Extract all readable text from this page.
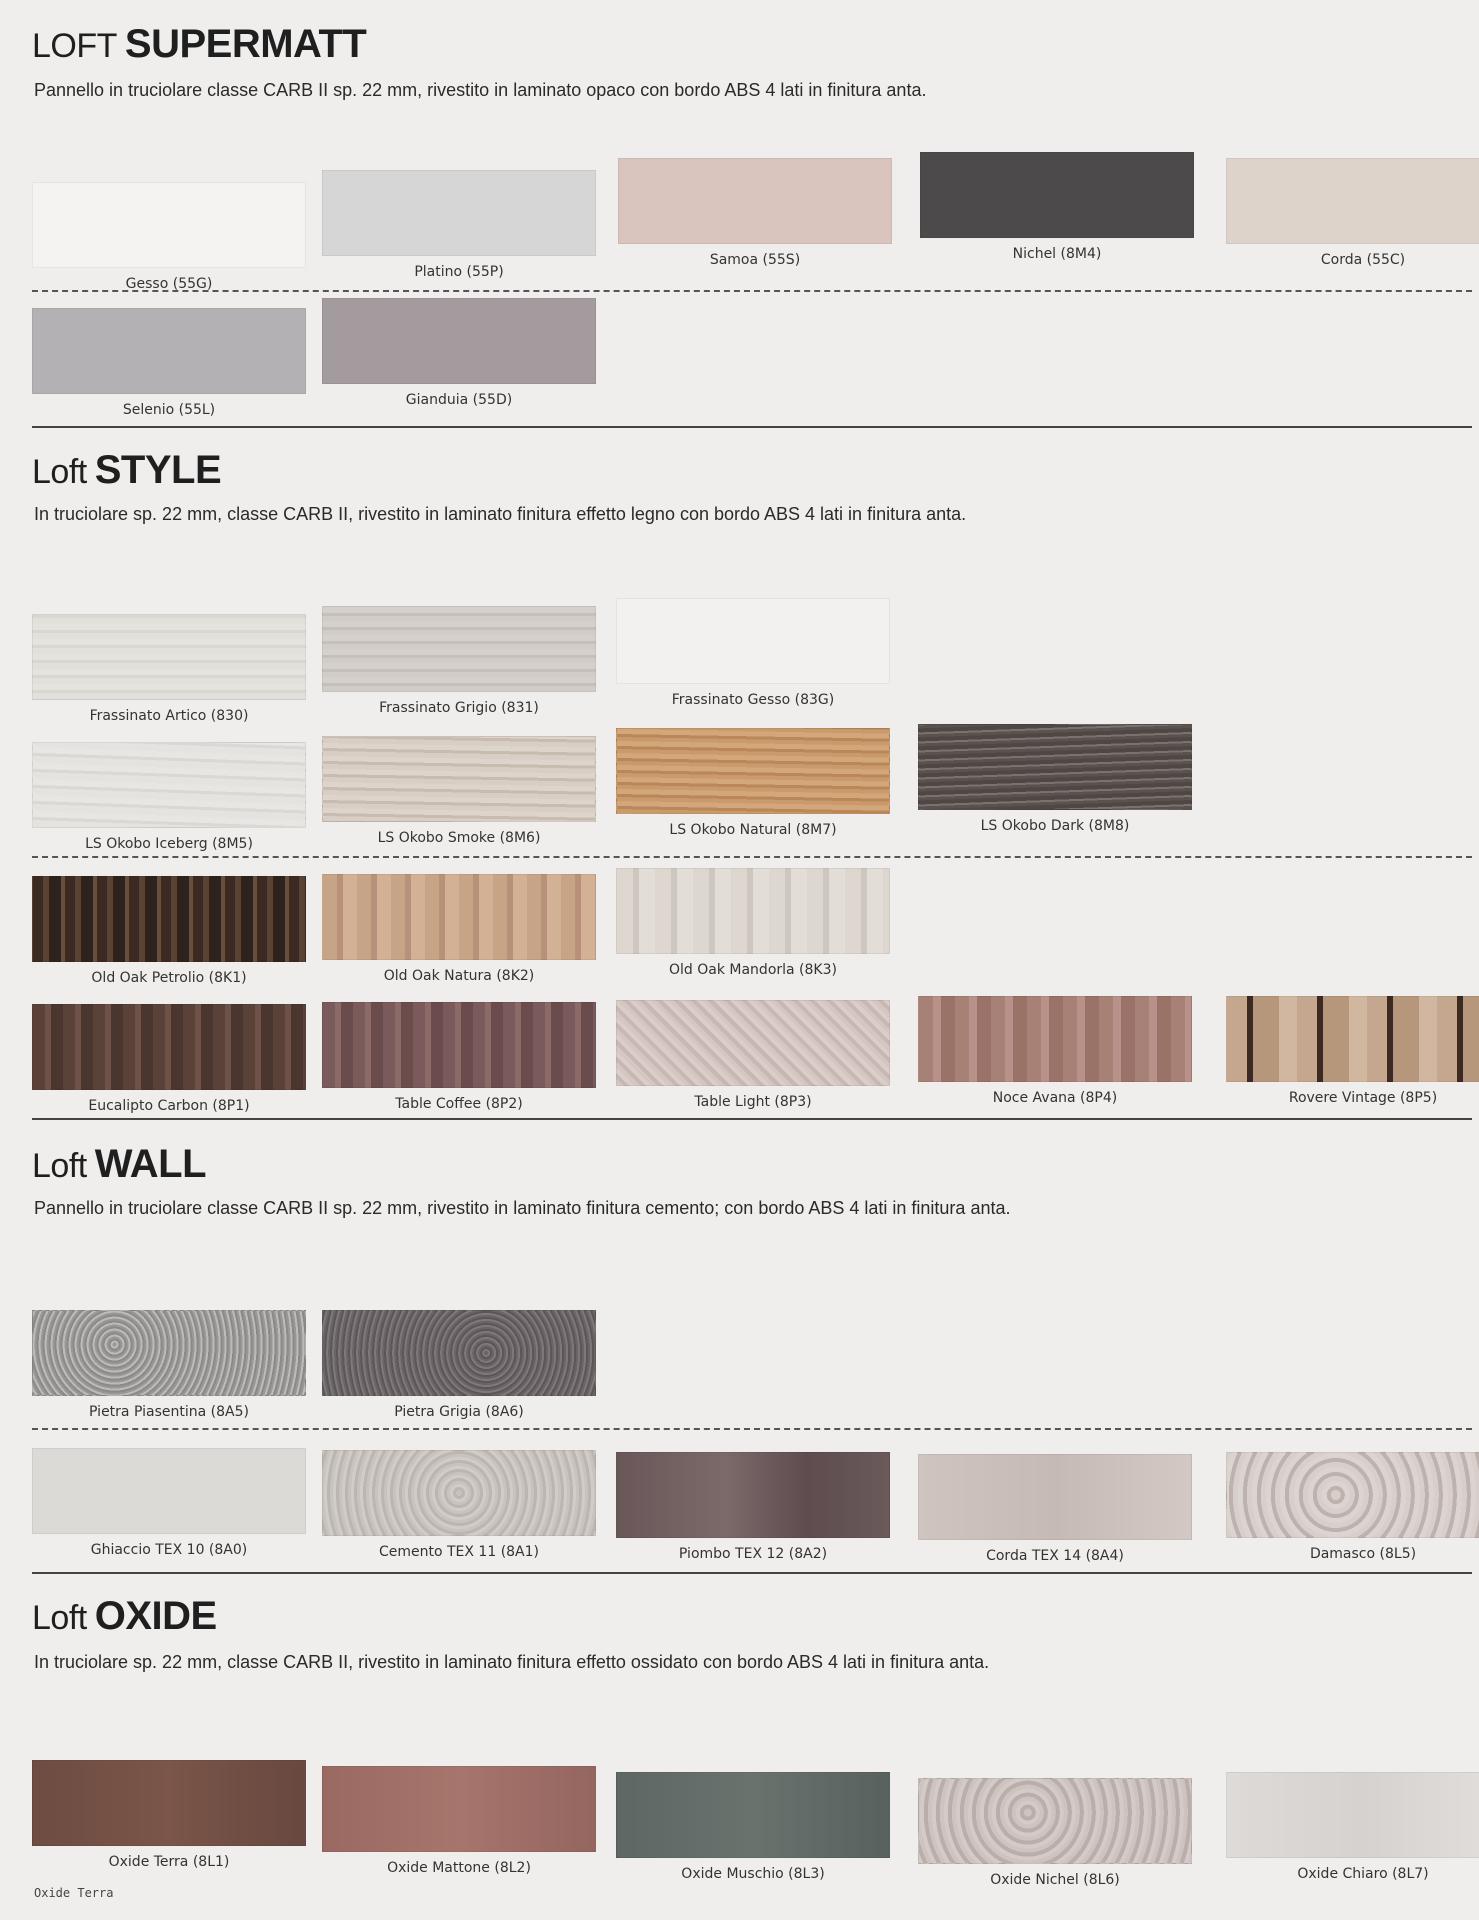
LOFT SUPERMATT
Pannello in truciolare classe CARB II sp. 22 mm, rivestito in laminato opaco con bordo ABS 4 lati in finitura anta.
Gesso (55G)
Platino (55P)
Samoa (55S)	Nichel (8M4)	Corda (55C)
Selenio (55L)
Gianduia (55D)
Loft STYLE
In truciolare sp. 22 mm, classe CARB II, rivestito in laminato finitura effetto legno con bordo ABS 4 lati in finitura anta.
Frassinato Artico (830)	Frassinato Grigio (831)	Frassinato Gesso (83G)
LS Okobo Iceberg (8M5)	LS Okobo Smoke (8M6)	LS Okobo Natural (8M7)	LS Okobo Dark (8M8)
Old Oak Petrolio (8K1)	Old Oak Natura (8K2)	Old Oak Mandorla (8K3)
Eucalipto Carbon (8P1)	Table Coffee (8P2)	Table Light (8P3)	Noce Avana (8P4)	Rovere Vintage (8P5)
Loft WALL
Pannello in truciolare classe CARB II sp. 22 mm, rivestito in laminato finitura cemento; con bordo ABS 4 lati in finitura anta.
Pietra Piasentina (8A5)	Pietra Grigia (8A6)
Ghiaccio TEX 10 (8A0)	Cemento TEX 11 (8A1)	Piombo TEX 12 (8A2)	Corda TEX 14 (8A4)	Damasco (8L5)
Loft OXIDE
In truciolare sp. 22 mm, classe CARB II, rivestito in laminato finitura effetto ossidato con bordo ABS 4 lati in finitura anta.
Oxide Terra (8L1)	Oxide Mattone (8L2)	Oxide Muschio (8L3)	Oxide Nichel (8L6)	Oxide Chiaro (8L7)
Oxide Terra
